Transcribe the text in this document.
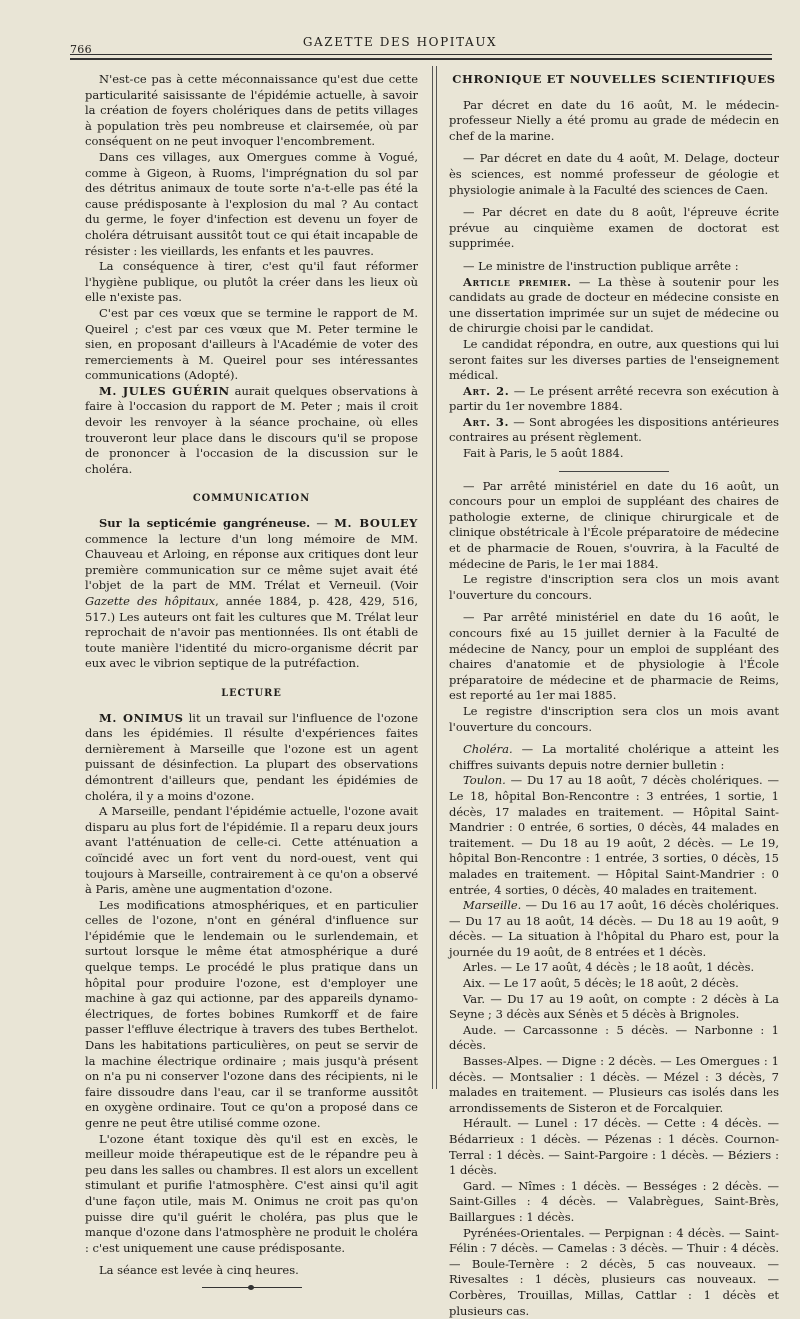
766
GAZETTE DES HOPITAUX

N'est-ce pas à cette méconnaissance qu'est due cette particularité saisissante de l'épidémie actuelle, à savoir la création de foyers cholériques dans de petits villages à population très peu nombreuse et clairsemée, où par conséquent on ne peut invoquer l'encombrement.

Dans ces villages, aux Omergues comme à Vogué, comme à Gigeon, à Ruoms, l'imprégnation du sol par des détritus animaux de toute sorte n'a-t-elle pas été la cause prédisposante à l'explosion du mal ? Au contact du germe, le foyer d'infection est devenu un foyer de choléra détruisant aussitôt tout ce qui était incapable de résister : les vieillards, les enfants et les pauvres.

La conséquence à tirer, c'est qu'il faut réformer l'hygiène publique, ou plutôt la créer dans les lieux où elle n'existe pas.

C'est par ces vœux que se termine le rapport de M. Queirel ; c'est par ces vœux que M. Peter termine le sien, en proposant d'ailleurs à l'Académie de voter des remerciements à M. Queirel pour ses intéressantes communications (Adopté).

M. JULES GUÉRIN aurait quelques observations à faire à l'occasion du rapport de M. Peter ; mais il croit devoir les renvoyer à la séance prochaine, où elles trouveront leur place dans le discours qu'il se propose de prononcer à l'occasion de la discussion sur le choléra.

COMMUNICATION

Sur la septicémie gangréneuse. — M. BOULEY commence la lecture d'un long mémoire de MM. Chauveau et Arloing, en réponse aux critiques dont leur première communication sur ce même sujet avait été l'objet de la part de MM. Trélat et Verneuil. (Voir Gazette des hôpitaux, année 1884, p. 428, 429, 516, 517.) Les auteurs ont fait les cultures que M. Trélat leur reprochait de n'avoir pas mentionnées. Ils ont établi de toute manière l'identité du micro-organisme décrit par eux avec le vibrion septique de la putréfaction.

LECTURE

M. ONIMUS lit un travail sur l'influence de l'ozone dans les épidémies. Il résulte d'expériences faites dernièrement à Marseille que l'ozone est un agent puissant de désinfection. La plupart des observations démontrent d'ailleurs que, pendant les épidémies de choléra, il y a moins d'ozone.

A Marseille, pendant l'épidémie actuelle, l'ozone avait disparu au plus fort de l'épidémie. Il a reparu deux jours avant l'atténuation de celle-ci. Cette atténuation a coïncidé avec un fort vent du nord-ouest, vent qui toujours à Marseille, contrairement à ce qu'on a observé à Paris, amène une augmentation d'ozone.

Les modifications atmosphériques, et en particulier celles de l'ozone, n'ont en général d'influence sur l'épidémie que le lendemain ou le surlendemain, et surtout lorsque le même état atmosphérique a duré quelque temps. Le procédé le plus pratique dans un hôpital pour produire l'ozone, est d'employer une machine à gaz qui actionne, par des appareils dynamo-électriques, de fortes bobines Rumkorff et de faire passer l'effluve électrique à travers des tubes Berthelot. Dans les habitations particulières, on peut se servir de la machine électrique ordinaire ; mais jusqu'à présent on n'a pu ni conserver l'ozone dans des récipients, ni le faire dissoudre dans l'eau, car il se tranforme aussitôt en oxygène ordinaire. Tout ce qu'on a proposé dans ce genre ne peut être utilisé comme ozone.

L'ozone étant toxique dès qu'il est en excès, le meilleur moide thérapeutique est de le répandre peu à peu dans les salles ou chambres. Il est alors un excellent stimulant et purifie l'atmosphère. C'est ainsi qu'il agit d'une façon utile, mais M. Onimus ne croit pas qu'on puisse dire qu'il guérit le choléra, pas plus que le manque d'ozone dans l'atmosphère ne produit le choléra : c'est uniquement une cause prédisposante.

La séance est levée à cinq heures.

CHRONIQUE ET NOUVELLES SCIENTIFIQUES

Par décret en date du 16 août, M. le médecin-professeur Nielly a été promu au grade de médecin en chef de la marine.

— Par décret en date du 4 août, M. Delage, docteur ès sciences, est nommé professeur de géologie et physiologie animale à la Faculté des sciences de Caen.

— Par décret en date du 8 août, l'épreuve écrite prévue au cinquième examen de doctorat est supprimée.

— Le ministre de l'instruction publique arrête :

Article premier. — La thèse à soutenir pour les candidats au grade de docteur en médecine consiste en une dissertation imprimée sur un sujet de médecine ou de chirurgie choisi par le candidat.

Le candidat répondra, en outre, aux questions qui lui seront faites sur les diverses parties de l'enseignement médical.

Art. 2. — Le présent arrêté recevra son exécution à partir du 1er novembre 1884.

Art. 3. — Sont abrogées les dispositions antérieures contraires au présent règlement.

Fait à Paris, le 5 août 1884.

— Par arrêté ministériel en date du 16 août, un concours pour un emploi de suppléant des chaires de pathologie externe, de clinique chirurgicale et de clinique obstétricale à l'École préparatoire de médecine et de pharmacie de Rouen, s'ouvrira, à la Faculté de médecine de Paris, le 1er mai 1884.

Le registre d'inscription sera clos un mois avant l'ouverture du concours.

— Par arrêté ministériel en date du 16 août, le concours fixé au 15 juillet dernier à la Faculté de médecine de Nancy, pour un emploi de suppléant des chaires d'anatomie et de physiologie à l'École préparatoire de médecine et de pharmacie de Reims, est reporté au 1er mai 1885.

Le registre d'inscription sera clos un mois avant l'ouverture du concours.

Choléra. — La mortalité cholérique a atteint les chiffres suivants depuis notre dernier bulletin :

Toulon. — Du 17 au 18 août, 7 décès cholériques. — Le 18, hôpital Bon-Rencontre : 3 entrées, 1 sortie, 1 décès, 17 malades en traitement. — Hôpital Saint-Mandrier : 0 entrée, 6 sorties, 0 décès, 44 malades en traitement. — Du 18 au 19 août, 2 décès. — Le 19, hôpital Bon-Rencontre : 1 entrée, 3 sorties, 0 décès, 15 malades en traitement. — Hôpital Saint-Mandrier : 0 entrée, 4 sorties, 0 décès, 40 malades en traitement.

Marseille. — Du 16 au 17 août, 16 décès cholériques. — Du 17 au 18 août, 14 décès. — Du 18 au 19 août, 9 décès. — La situation à l'hôpital du Pharo est, pour la journée du 19 août, de 8 entrées et 1 décès.

Arles. — Le 17 août, 4 décès ; le 18 août, 1 décès.

Aix. — Le 17 août, 5 décès; le 18 août, 2 décès.

Var. — Du 17 au 19 août, on compte : 2 décès à La Seyne ; 3 décès aux Sénès et 5 décès à Brignoles.

Aude. — Carcassonne : 5 décès. — Narbonne : 1 décès.

Basses-Alpes. — Digne : 2 décès. — Les Omergues : 1 décès. — Montsalier : 1 décès. — Mézel : 3 décès, 7 malades en traitement. — Plusieurs cas isolés dans les arrondissements de Sisteron et de Forcalquier.

Hérault. — Lunel : 17 décès. — Cette : 4 décès. — Bédarrieux : 1 décès. — Pézenas : 1 décès. Cournon-Terral : 1 décès. — Saint-Pargoire : 1 décès. — Béziers : 1 décès.

Gard. — Nîmes : 1 décès. — Bességes : 2 décès. — Saint-Gilles : 4 décès. — Valabrègues, Saint-Brès, Baillargues : 1 décès.

Pyrénées-Orientales. — Perpignan : 4 décès. — Saint-Félin : 7 décès. — Camelas : 3 décès. — Thuir : 4 décès. — Boule-Ternère : 2 décès, 5 cas nouveaux. — Rivesaltes : 1 décès, plusieurs cas nouveaux. — Corbères, Trouillas, Millas, Cattlar : 1 décès et plusieurs cas.
